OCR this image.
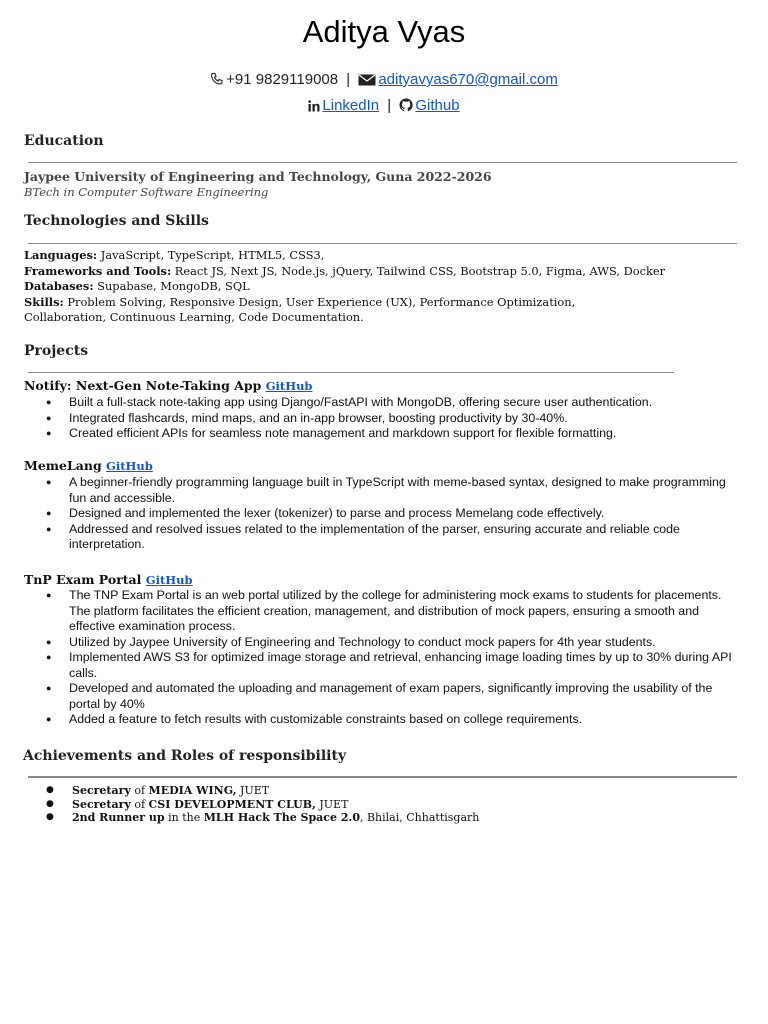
Aditya Vyas
+91 9829119008 | adityavyas670@gmail.com
LinkedIn | Github
Education
Jaypee University of Engineering and Technology, Guna 2022-2026
BTech in Computer Software Engineering
Technologies and Skills
Languages: JavaScript, TypeScript, HTML5, CSS3,
Frameworks and Tools: React JS, Next JS, Node.js, jQuery, Tailwind CSS, Bootstrap 5.0, Figma, AWS, Docker
Databases: Supabase, MongoDB, SQL
Skills: Problem Solving, Responsive Design, User Experience (UX), Performance Optimization, Collaboration, Continuous Learning, Code Documentation.
Projects
Notify: Next-Gen Note-Taking App GitHub
● Built a full-stack note-taking app using Django/FastAPI with MongoDB, offering secure user authentication.
● Integrated flashcards, mind maps, and an in-app browser, boosting productivity by 30-40%.
● Created efficient APIs for seamless note management and markdown support for flexible formatting.
MemeLang GitHub
● A beginner-friendly programming language built in TypeScript with meme-based syntax, designed to make programming fun and accessible.
● Designed and implemented the lexer (tokenizer) to parse and process Memelang code effectively.
● Addressed and resolved issues related to the implementation of the parser, ensuring accurate and reliable code interpretation.
TnP Exam Portal GitHub
● The TNP Exam Portal is an web portal utilized by the college for administering mock exams to students for placements. The platform facilitates the efficient creation, management, and distribution of mock papers, ensuring a smooth and effective examination process.
● Utilized by Jaypee University of Engineering and Technology to conduct mock papers for 4th year students.
● Implemented AWS S3 for optimized image storage and retrieval, enhancing image loading times by up to 30% during API calls.
● Developed and automated the uploading and management of exam papers, significantly improving the usability of the portal by 40%
● Added a feature to fetch results with customizable constraints based on college requirements.
Achievements and Roles of responsibility
● Secretary of MEDIA WING, JUET
● Secretary of CSI DEVELOPMENT CLUB, JUET
● 2nd Runner up in the MLH Hack The Space 2.0, Bhilai, Chhattisgarh
